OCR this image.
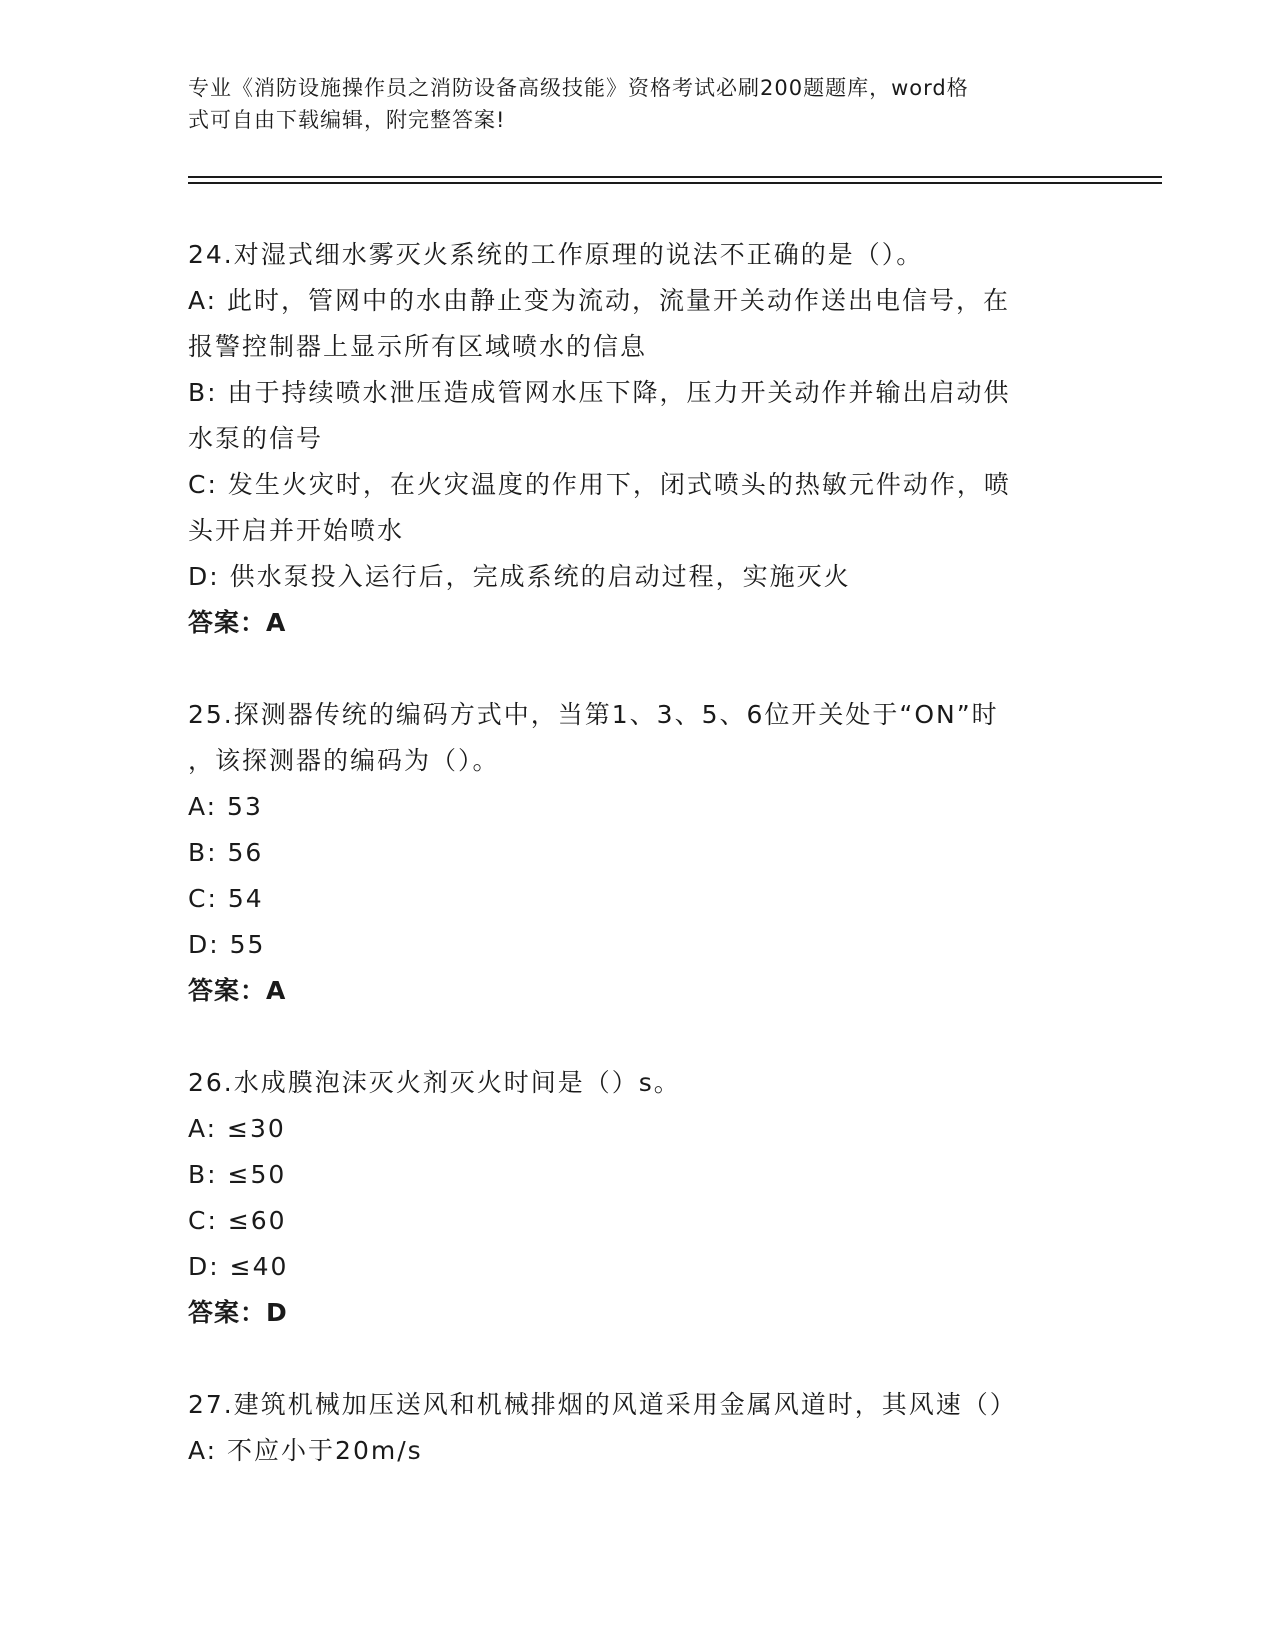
专业《消防设施操作员之消防设备高级技能》资格考试必刷200题题库，word格
式可自由下载编辑，附完整答案!
24.对湿式细水雾灭火系统的工作原理的说法不正确的是（）。
A: 此时，管网中的水由静止变为流动，流量开关动作送出电信号，在
报警控制器上显示所有区域喷水的信息
B: 由于持续喷水泄压造成管网水压下降，压力开关动作并输出启动供
水泵的信号
C: 发生火灾时，在火灾温度的作用下，闭式喷头的热敏元件动作，喷
头开启并开始喷水
D: 供水泵投入运行后，完成系统的启动过程，实施灭火
答案：A
25.探测器传统的编码方式中，当第1、3、5、6位开关处于“ON”时
，该探测器的编码为（）。
A: 53
B: 56
C: 54
D: 55
答案：A
26.水成膜泡沫灭火剂灭火时间是（）s。
A: ≤30
B: ≤50
C: ≤60
D: ≤40
答案：D
27.建筑机械加压送风和机械排烟的风道采用金属风道时，其风速（）
A: 不应小于20m/s
